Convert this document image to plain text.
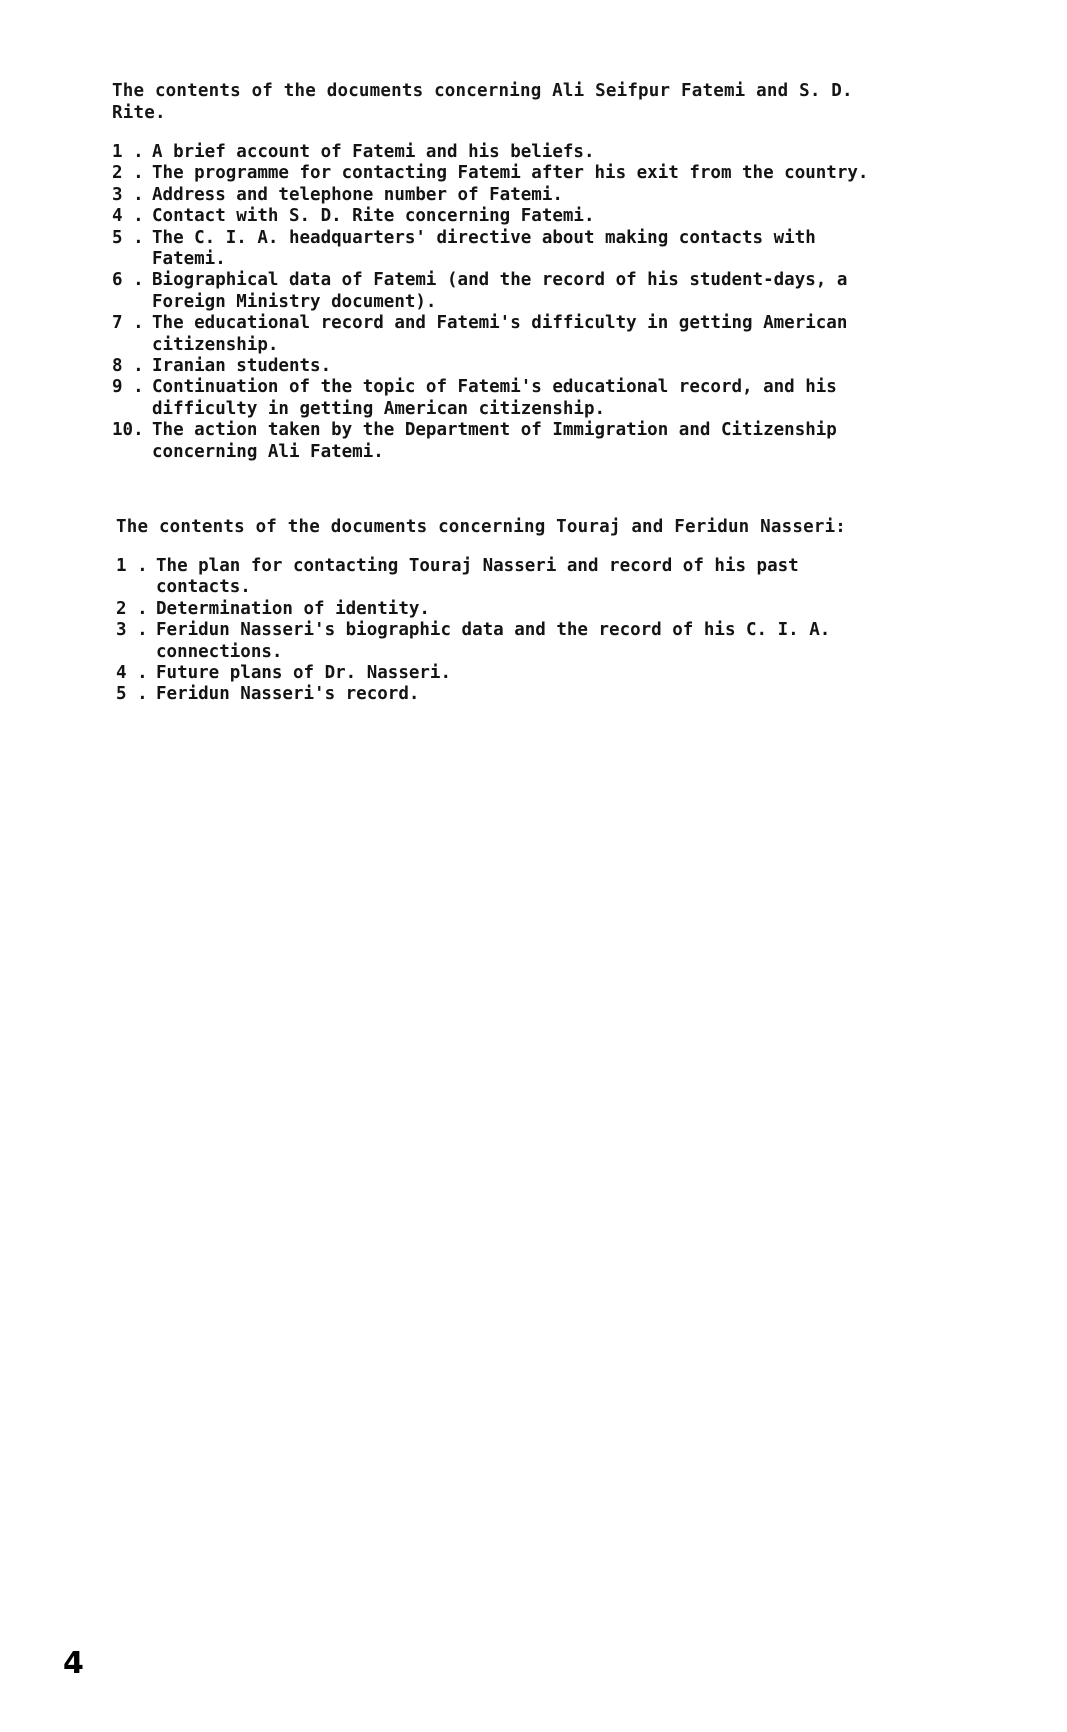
The contents of the documents concerning Ali Seifpur Fatemi and S. D. Rite.

1 . A brief account of Fatemi and his beliefs.
2 . The programme for contacting Fatemi after his exit from the country.
3 . Address and telephone number of Fatemi.
4 . Contact with S. D. Rite concerning Fatemi.
5 . The C. I. A. headquarters' directive about making contacts with Fatemi.
6 . Biographical data of Fatemi (and the record of his student-days, a Foreign Ministry document).
7 . The educational record and Fatemi's difficulty in getting American citizenship.
8 . Iranian students.
9 . Continuation of the topic of Fatemi's educational record, and his difficulty in getting American citizenship.
10. The action taken by the Department of Immigration and Citizenship concerning Ali Fatemi.

The contents of the documents concerning Touraj and Feridun Nasseri:

1 . The plan for contacting Touraj Nasseri and record of his past contacts.
2 . Determination of identity.
3 . Feridun Nasseri's biographic data and the record of his C. I. A. connections.
4 . Future plans of Dr. Nasseri.
5 . Feridun Nasseri's record.
4
